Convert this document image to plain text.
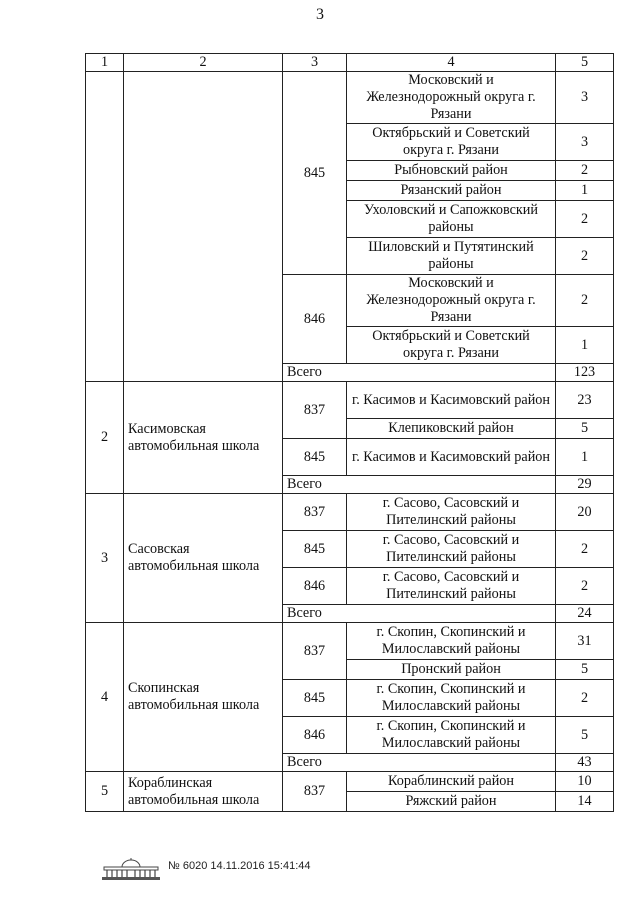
3
1	2	3	4	5
		845	Московский и Железнодорожный округа г. Рязани	3
			Октябрьский и Советский округа г. Рязани	3
			Рыбновский район	2
			Рязанский район	1
			Ухоловский и Сапожковский районы	2
			Шиловский и Путятинский районы	2
		846	Московский и Железнодорожный округа г. Рязани	2
			Октябрьский и Советский округа г. Рязани	1
		Всего		123
2	Касимовская автомобильная школа	837	г. Касимов и Касимовский район	23
			Клепиковский район	5
		845	г. Касимов и Касимовский район	1
		Всего		29
3	Сасовская автомобильная школа	837	г. Сасово, Сасовский и Пителинский районы	20
		845	г. Сасово, Сасовский и Пителинский районы	2
		846	г. Сасово, Сасовский и Пителинский районы	2
		Всего		24
4	Скопинская автомобильная школа	837	г. Скопин, Скопинский и Милославский районы	31
			Пронский район	5
		845	г. Скопин, Скопинский и Милославский районы	2
		846	г. Скопин, Скопинский и Милославский районы	5
		Всего		43
5	Кораблинская автомобильная школа	837	Кораблинский район	10
			Ряжский район	14
№ 6020 14.11.2016 15:41:44
